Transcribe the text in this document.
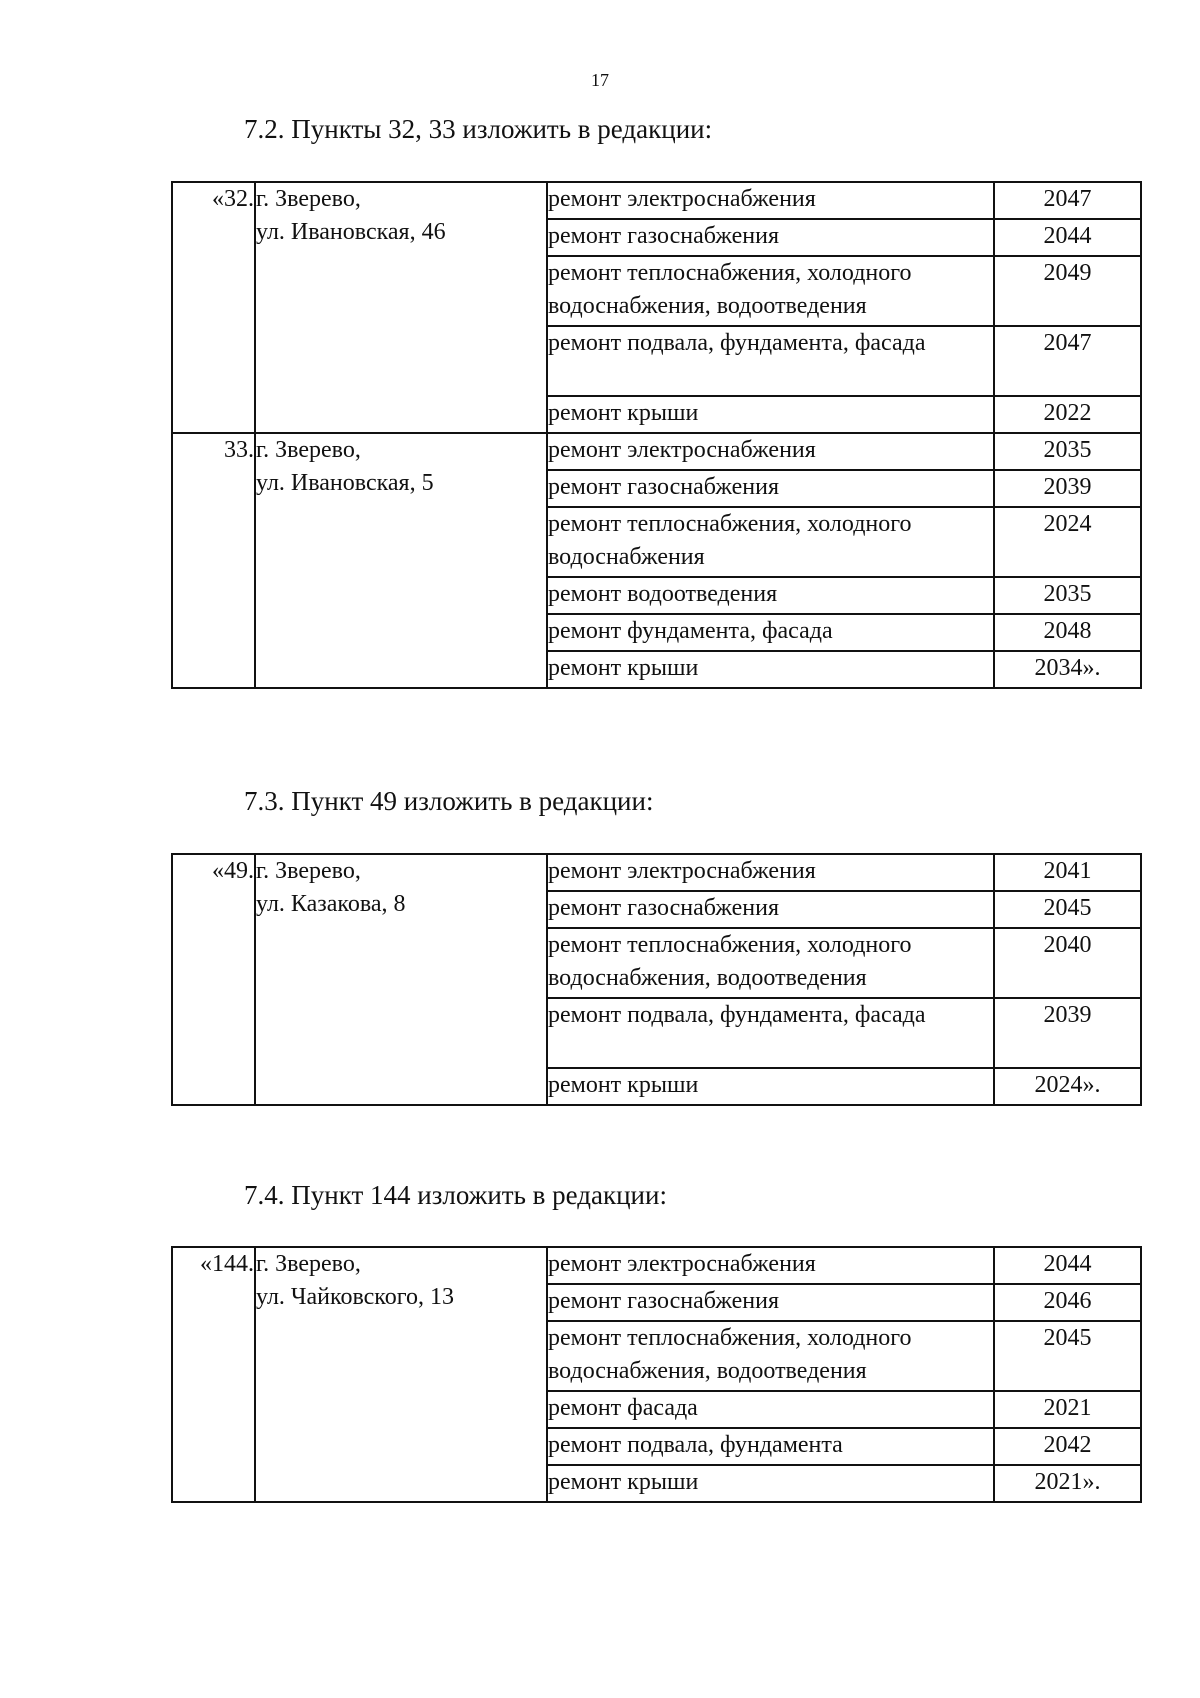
17
7.2. Пункты 32, 33 изложить в редакции:
«32.	г. Зверево,
ул. Ивановская, 46	ремонт электроснабжения	2047
		ремонт газоснабжения	2044
		ремонт теплоснабжения, холодного водоснабжения, водоотведения	2049
		ремонт подвала, фундамента, фасада	2047
		ремонт крыши	2022
33.	г. Зверево,
ул. Ивановская, 5	ремонт электроснабжения	2035
		ремонт газоснабжения	2039
		ремонт теплоснабжения, холодного водоснабжения	2024
		ремонт водоотведения	2035
		ремонт фундамента, фасада	2048
		ремонт крыши	2034».
7.3. Пункт 49 изложить в редакции:
«49.	г. Зверево,
ул. Казакова, 8	ремонт электроснабжения	2041
		ремонт газоснабжения	2045
		ремонт теплоснабжения, холодного водоснабжения, водоотведения	2040
		ремонт подвала, фундамента, фасада	2039
		ремонт крыши	2024».
7.4. Пункт 144 изложить в редакции:
«144.	г. Зверево,
ул. Чайковского, 13	ремонт электроснабжения	2044
		ремонт газоснабжения	2046
		ремонт теплоснабжения, холодного водоснабжения, водоотведения	2045
		ремонт фасада	2021
		ремонт подвала, фундамента	2042
		ремонт крыши	2021».
